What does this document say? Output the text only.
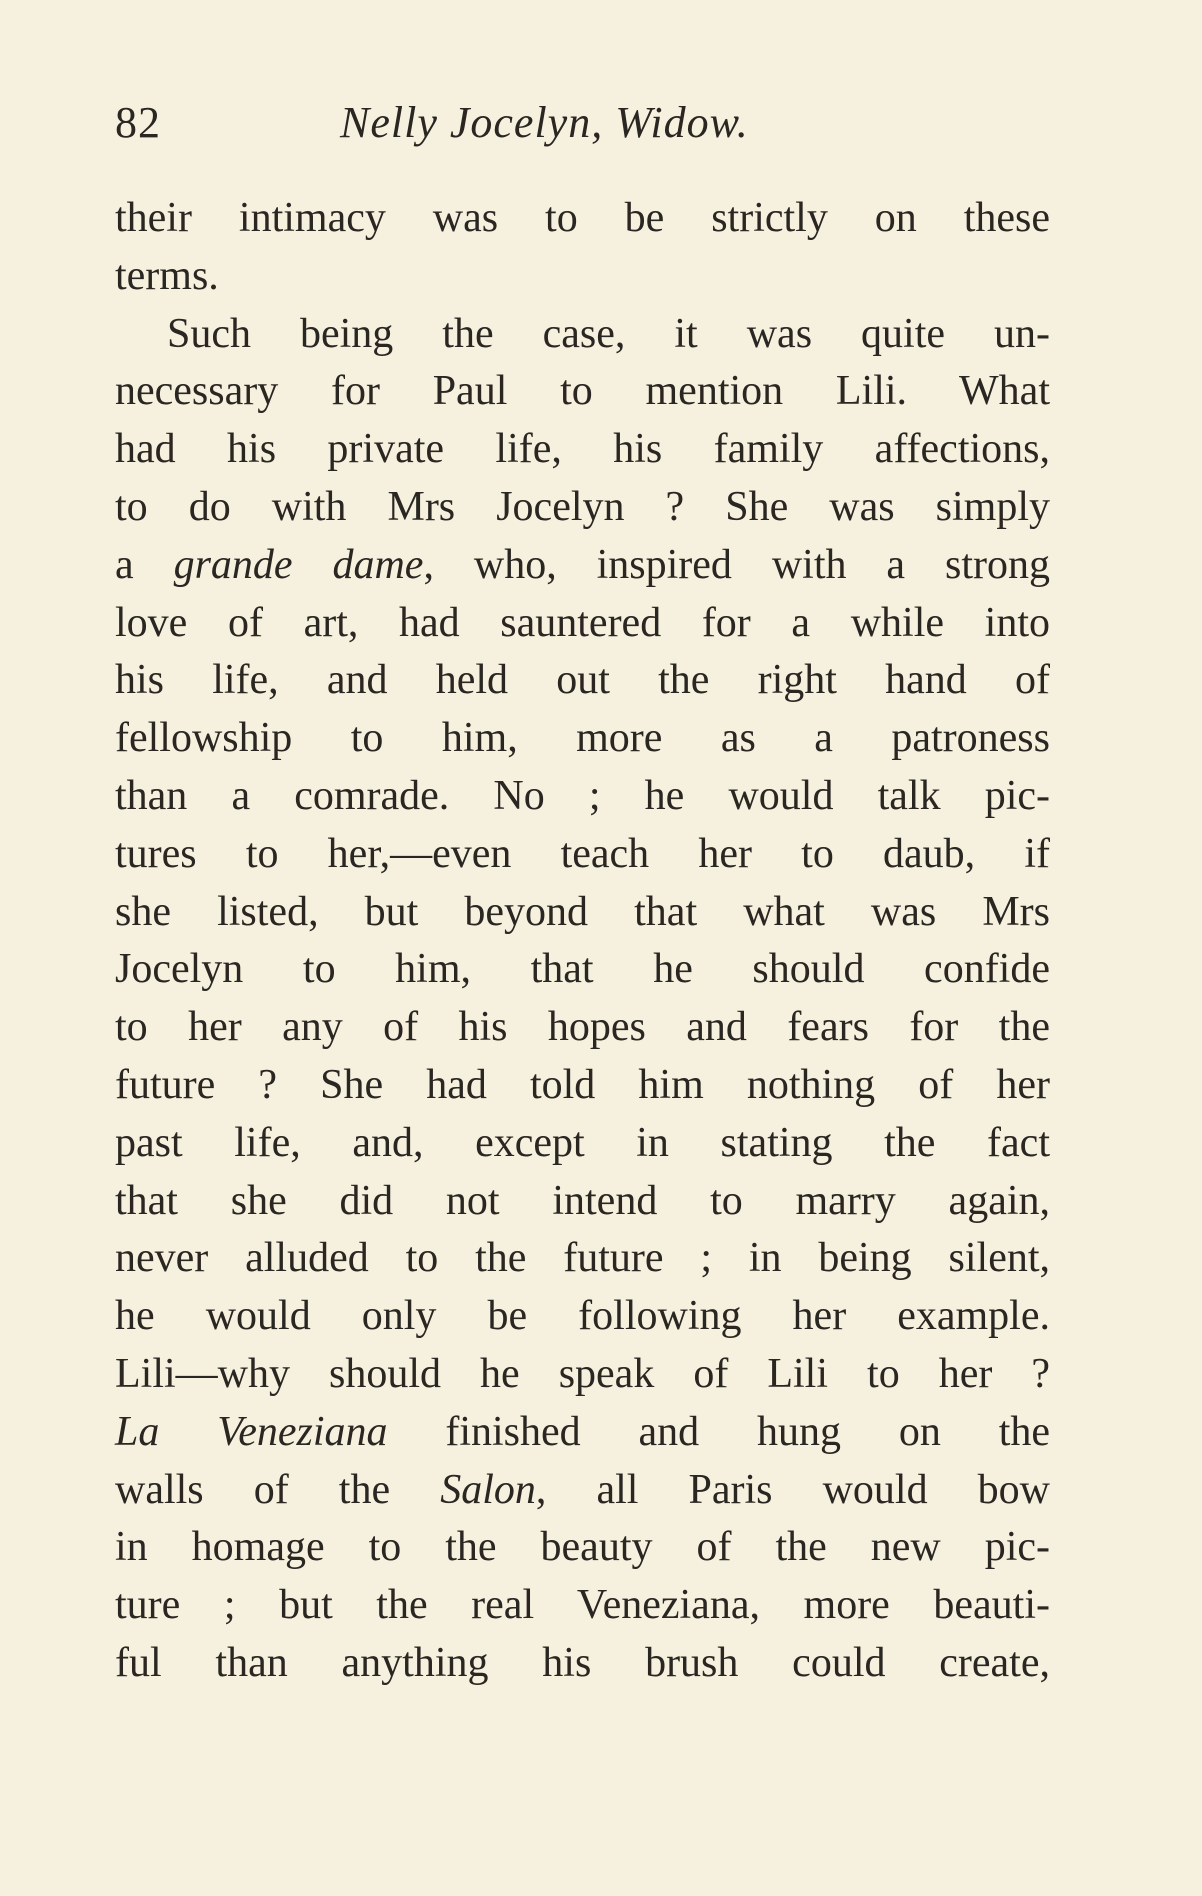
82	Nelly Jocelyn, Widow.
their intimacy was to be strictly on these
terms.
Such being the case, it was quite un-
necessary for Paul to mention Lili. What
had his private life, his family affections,
to do with Mrs Jocelyn ? She was simply
a grande dame, who, inspired with a strong
love of art, had sauntered for a while into
his life, and held out the right hand of
fellowship to him, more as a patroness
than a comrade. No ; he would talk pic-
tures to her,—even teach her to daub, if
she listed, but beyond that what was Mrs
Jocelyn to him, that he should confide
to her any of his hopes and fears for the
future ? She had told him nothing of her
past life, and, except in stating the fact
that she did not intend to marry again,
never alluded to the future ; in being silent,
he would only be following her example.
Lili—why should he speak of Lili to her ?
La Veneziana finished and hung on the
walls of the Salon, all Paris would bow
in homage to the beauty of the new pic-
ture ; but the real Veneziana, more beauti-
ful than anything his brush could create,
